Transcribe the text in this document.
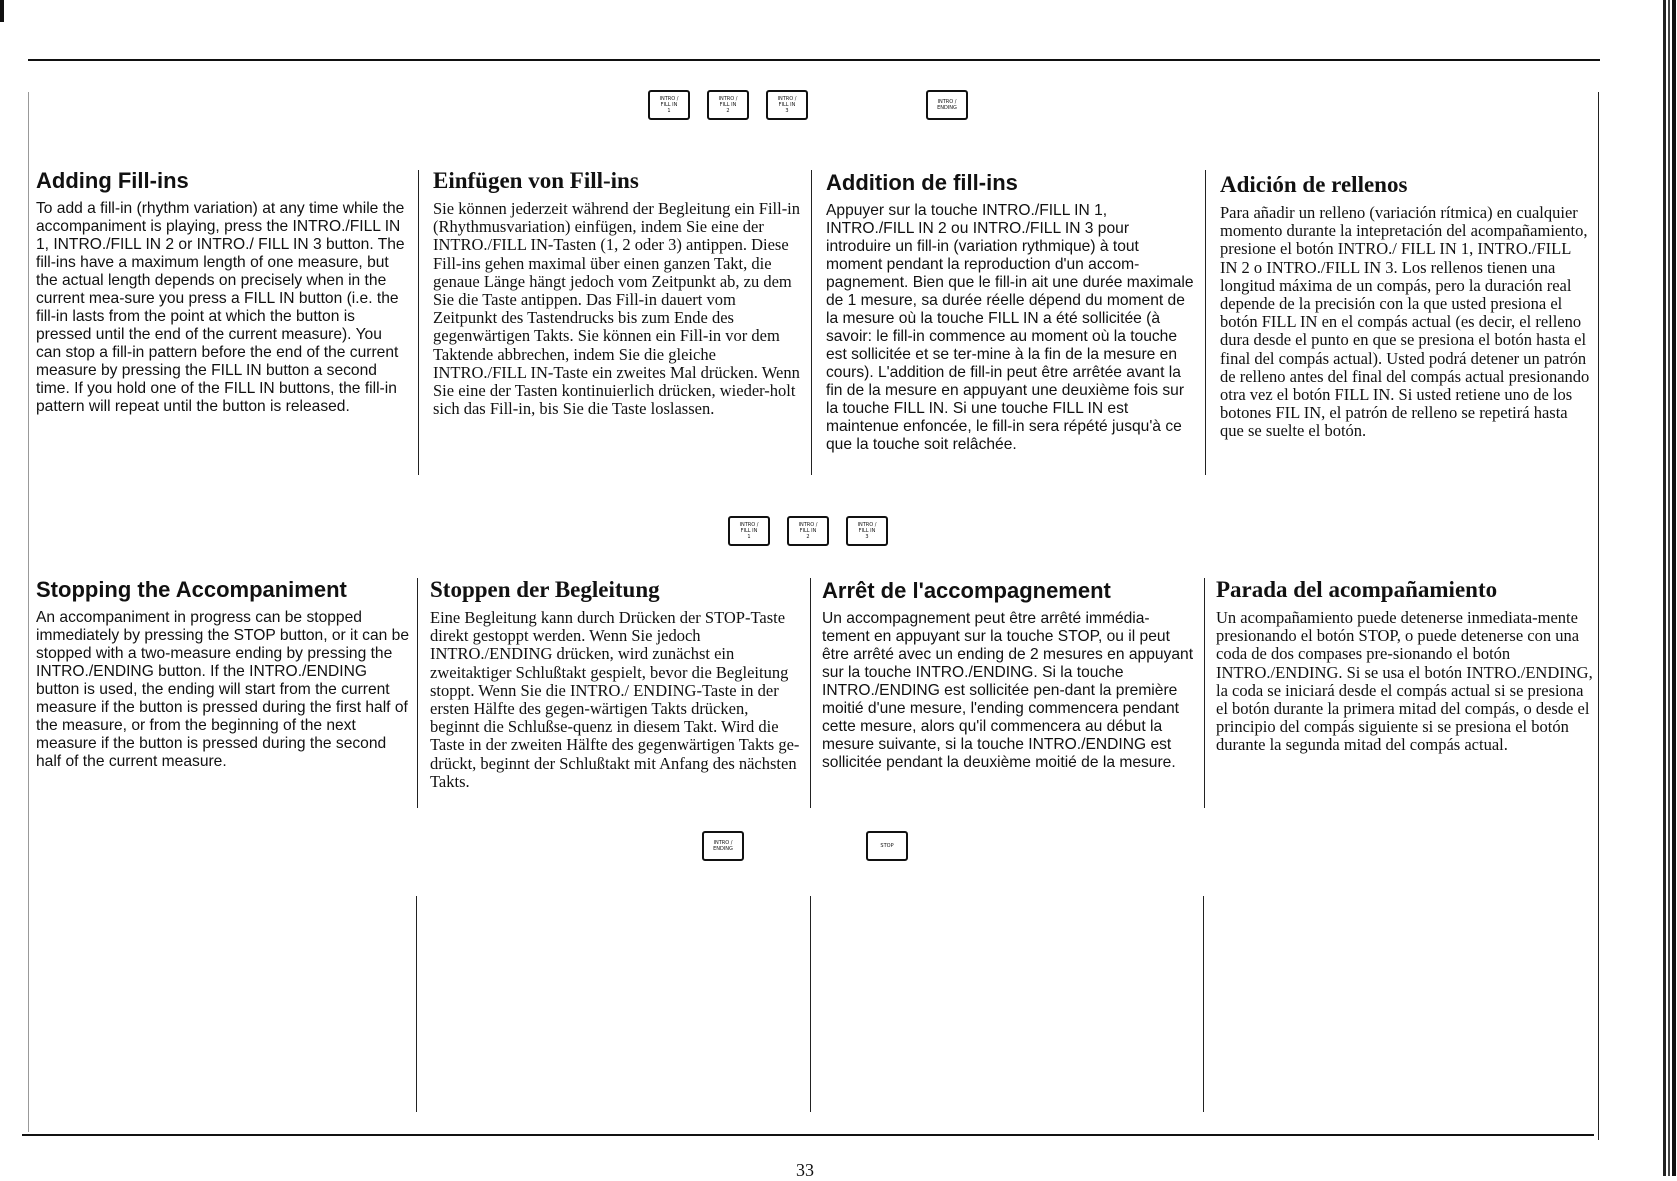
INTRO /
FILL IN
1
INTRO /
FILL IN
2
INTRO /
FILL IN
3
INTRO /
ENDING
Adding Fill-ins

To add a fill-in (rhythm variation) at any time while the accompaniment is playing, press the INTRO./FILL IN 1, INTRO./FILL IN 2 or INTRO./ FILL IN 3 button. The fill-ins have a maximum length of one measure, but the actual length depends on precisely when in the current mea-sure you press a FILL IN button (i.e. the fill-in lasts from the point at which the button is pressed until the end of the current measure). You can stop a fill-in pattern before the end of the current measure by pressing the FILL IN button a second time. If you hold one of the FILL IN buttons, the fill-in pattern will repeat until the button is released.

Einfügen von Fill-ins

Sie können jederzeit während der Begleitung ein Fill-in (Rhythmusvariation) einfügen, indem Sie eine der INTRO./FILL IN-Tasten (1, 2 oder 3) antippen. Diese Fill-ins gehen maximal über einen ganzen Takt, die genaue Länge hängt jedoch vom Zeitpunkt ab, zu dem Sie die Taste antippen. Das Fill-in dauert vom Zeitpunkt des Tastendrucks bis zum Ende des gegenwärtigen Takts. Sie können ein Fill-in vor dem Taktende abbrechen, indem Sie die gleiche INTRO./FILL IN-Taste ein zweites Mal drücken. Wenn Sie eine der Tasten kontinuierlich drücken, wieder-holt sich das Fill-in, bis Sie die Taste loslassen.

Addition de fill-ins

Appuyer sur la touche INTRO./FILL IN 1, INTRO./FILL IN 2 ou INTRO./FILL IN 3 pour introduire un fill-in (variation rythmique) à tout moment pendant la reproduction d'un accom-pagnement. Bien que le fill-in ait une durée maximale de 1 mesure, sa durée réelle dépend du moment de la mesure où la touche FILL IN a été sollicitée (à savoir: le fill-in commence au moment où la touche est sollicitée et se ter-mine à la fin de la mesure en cours). L'addition de fill-in peut être arrêtée avant la fin de la mesure en appuyant une deuxième fois sur la touche FILL IN. Si une touche FILL IN est maintenue enfoncée, le fill-in sera répété jusqu'à ce que la touche soit relâchée.

Adición de rellenos

Para añadir un relleno (variación rítmica) en cualquier momento durante la intepretación del acompañamiento, presione el botón INTRO./ FILL IN 1, INTRO./FILL IN 2 o INTRO./FILL IN 3. Los rellenos tienen una longitud máxima de un compás, pero la duración real depende de la precisión con la que usted presiona el botón FILL IN en el compás actual (es decir, el relleno dura desde el punto en que se presiona el botón hasta el final del compás actual). Usted podrá detener un patrón de relleno antes del final del compás actual presionando otra vez el botón FILL IN. Si usted retiene uno de los botones FIL IN, el patrón de relleno se repetirá hasta que se suelte el botón.

INTRO /
FILL IN
1
INTRO /
FILL IN
2
INTRO /
FILL IN
3
Stopping the Accompaniment

An accompaniment in progress can be stopped immediately by pressing the STOP button, or it can be stopped with a two-measure ending by pressing the INTRO./ENDING button. If the INTRO./ENDING button is used, the ending will start from the current measure if the button is pressed during the first half of the measure, or from the beginning of the next measure if the button is pressed during the second half of the current measure.

Stoppen der Begleitung

Eine Begleitung kann durch Drücken der STOP-Taste direkt gestoppt werden. Wenn Sie jedoch INTRO./ENDING drücken, wird zunächst ein zweitaktiger Schlußtakt gespielt, bevor die Begleitung stoppt. Wenn Sie die INTRO./ ENDING-Taste in der ersten Hälfte des gegen-wärtigen Takts drücken, beginnt die Schlußse-quenz in diesem Takt. Wird die Taste in der zweiten Hälfte des gegenwärtigen Takts ge-drückt, beginnt der Schlußtakt mit Anfang des nächsten Takts.

Arrêt de l'accompagnement

Un accompagnement peut être arrêté immédia-tement en appuyant sur la touche STOP, ou il peut être arrêté avec un ending de 2 mesures en appuyant sur la touche INTRO./ENDING. Si la touche INTRO./ENDING est sollicitée pen-dant la première moitié d'une mesure, l'ending commencera pendant cette mesure, alors qu'il commencera au début la mesure suivante, si la touche INTRO./ENDING est sollicitée pendant la deuxième moitié de la mesure.

Parada del acompañamiento

Un acompañamiento puede detenerse inmediata-mente presionando el botón STOP, o puede detenerse con una coda de dos compases pre-sionando el botón INTRO./ENDING. Si se usa el botón INTRO./ENDING, la coda se iniciará desde el compás actual si se presiona el botón durante la primera mitad del compás, o desde el principio del compás siguiente si se presiona el botón durante la segunda mitad del compás actual.

INTRO /
ENDING	STOP
33
